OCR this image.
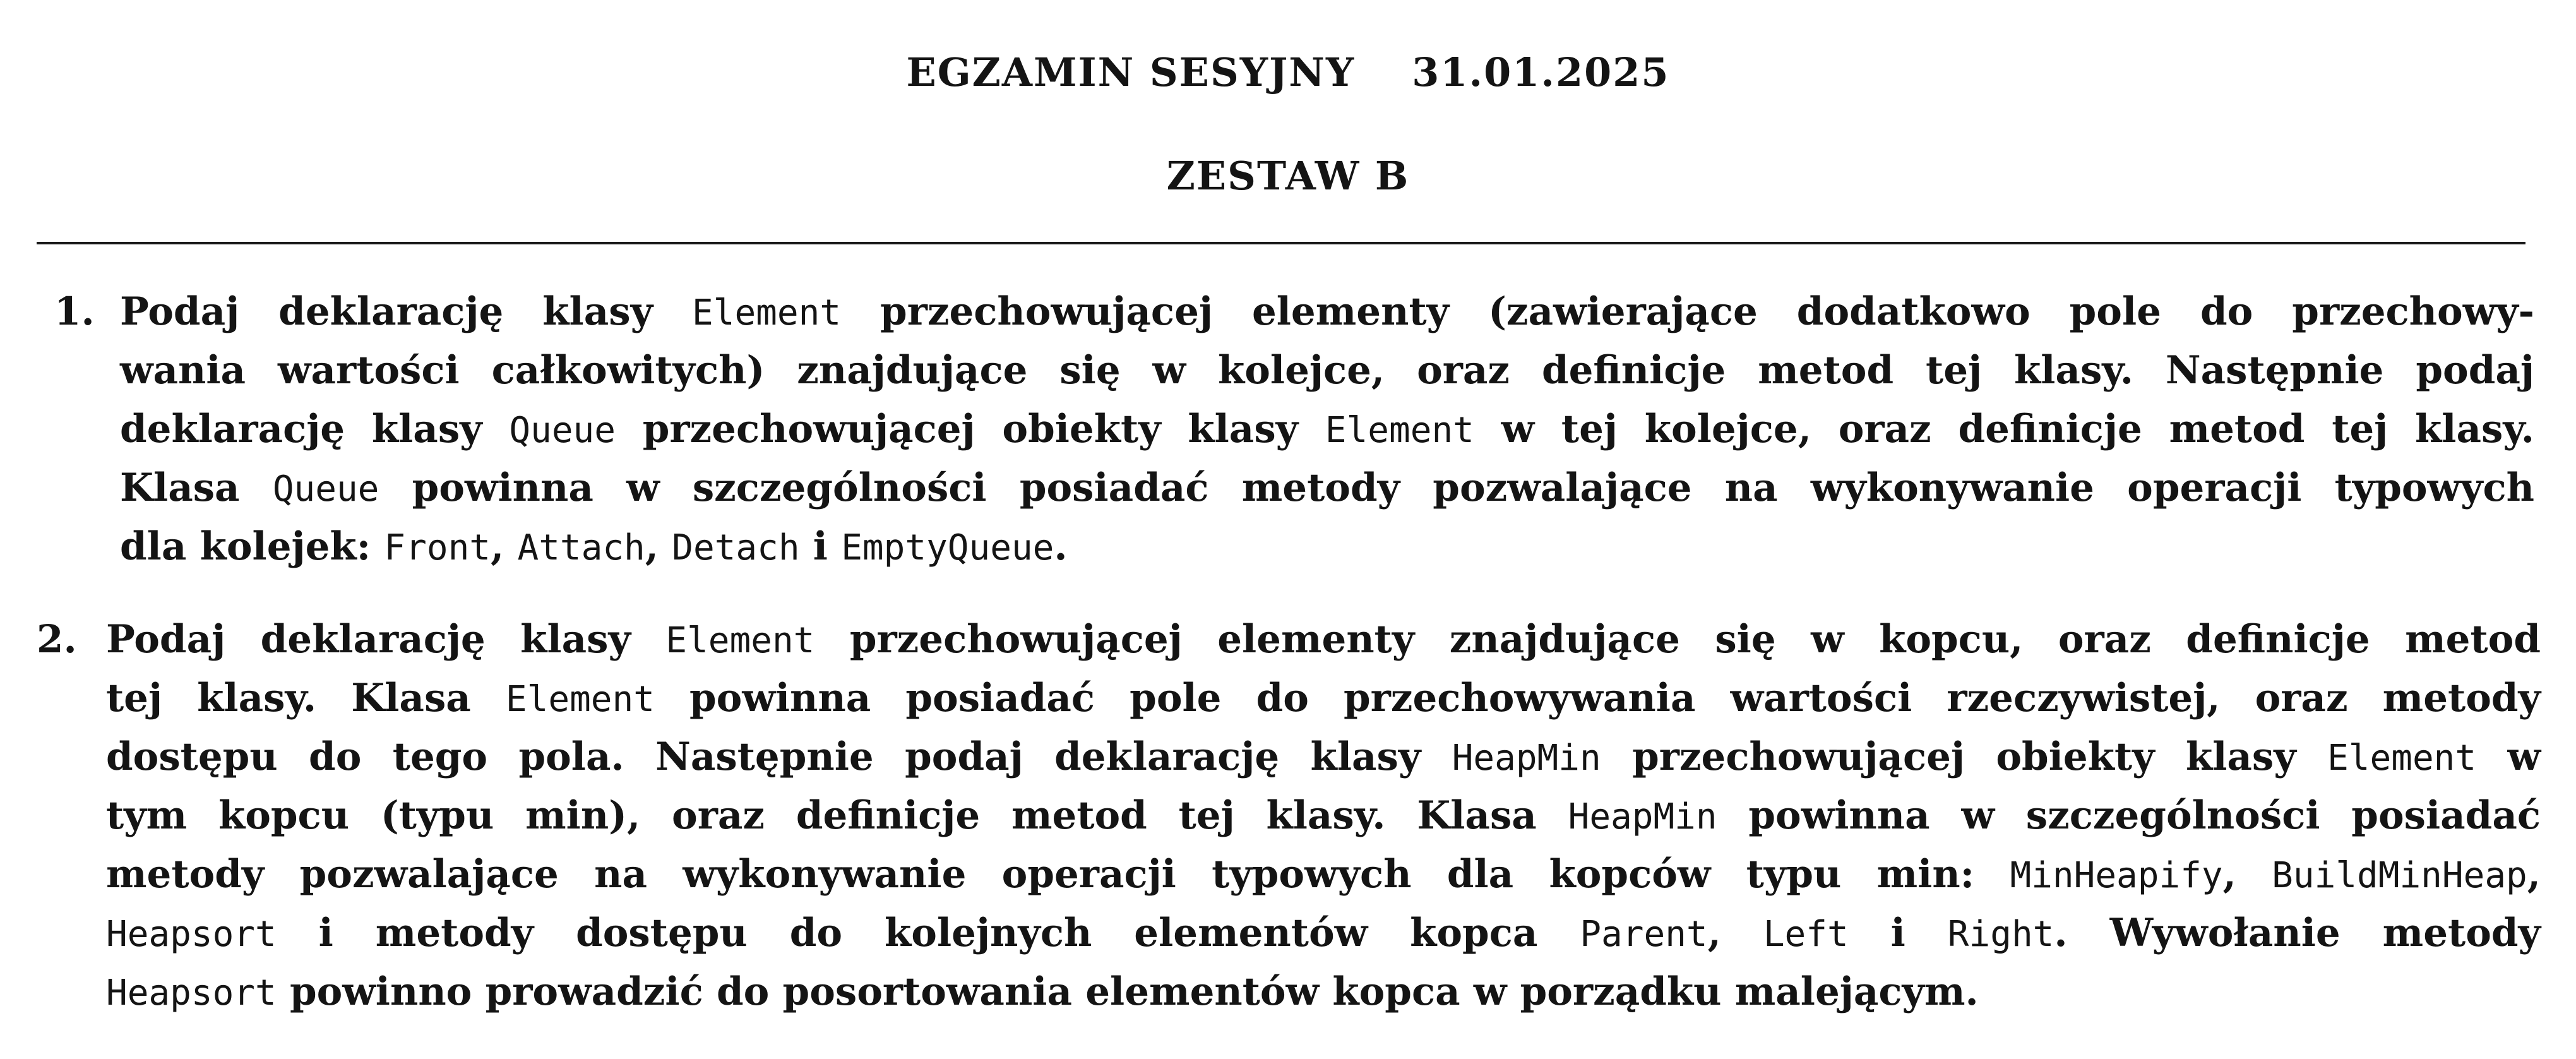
EGZAMIN SESYJNY 31.01.2025
ZESTAW B
1. Podaj deklarację klasy Element przechowującej elementy (zawierające dodatkowo pole do przechowy-
wania wartości całkowitych) znajdujące się w kolejce, oraz definicje metod tej klasy. Następnie podaj
deklarację klasy Queue przechowującej obiekty klasy Element w tej kolejce, oraz definicje metod tej klasy.
Klasa Queue powinna w szczególności posiadać metody pozwalające na wykonywanie operacji typowych
dla kolejek: Front, Attach, Detach i EmptyQueue.
2. Podaj deklarację klasy Element przechowującej elementy znajdujące się w kopcu, oraz definicje metod
tej klasy. Klasa Element powinna posiadać pole do przechowywania wartości rzeczywistej, oraz metody
dostępu do tego pola. Następnie podaj deklarację klasy HeapMin przechowującej obiekty klasy Element w
tym kopcu (typu min), oraz definicje metod tej klasy. Klasa HeapMin powinna w szczególności posiadać
metody pozwalające na wykonywanie operacji typowych dla kopców typu min: MinHeapify, BuildMinHeap,
Heapsort i metody dostępu do kolejnych elementów kopca Parent, Left i Right. Wywołanie metody
Heapsort powinno prowadzić do posortowania elementów kopca w porządku malejącym.
